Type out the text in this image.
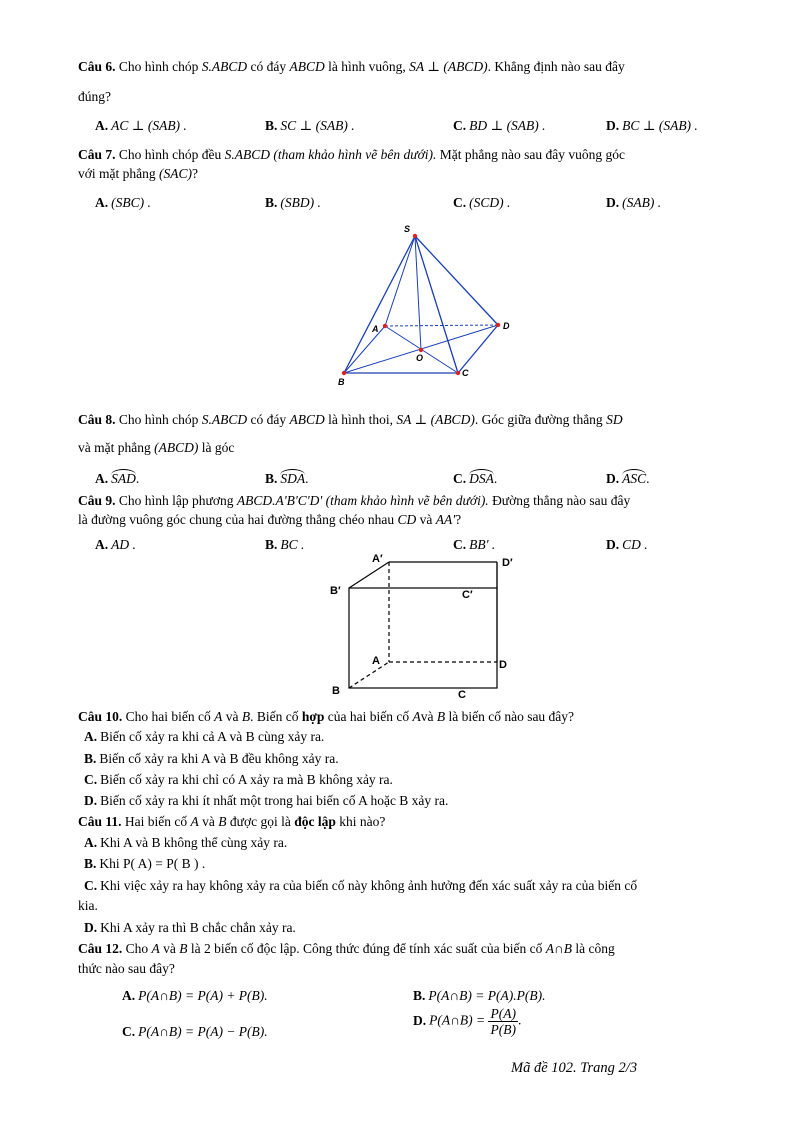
Câu 6. Cho hình chóp S.ABCD có đáy ABCD là hình vuông, SA ⊥ (ABCD). Khẳng định nào sau đây
đúng?
A. AC ⊥ (SAB) .	B. SC ⊥ (SAB) .	C. BD ⊥ (SAB) .	D. BC ⊥ (SAB) .
Câu 7. Cho hình chóp đều S.ABCD (tham khảo hình vẽ bên dưới). Mặt phẳng nào sau đây vuông góc
với mặt phẳng (SAC)?
A. (SBC) .	B. (SBD) .	C. (SCD) .	D. (SAB) .
S
A
B
C
D
O
Câu 8. Cho hình chóp S.ABCD có đáy ABCD là hình thoi, SA ⊥ (ABCD). Góc giữa đường thẳng SD
và mặt phẳng (ABCD) là góc
A. SAD.	B. SDA.	C. DSA.	D. ASC.
Câu 9. Cho hình lập phương ABCD.A'B'C'D' (tham khảo hình vẽ bên dưới). Đường thẳng nào sau đây
là đường vuông góc chung của hai đường thẳng chéo nhau CD và AA'?
A. AD .	B. BC .	C. BB' .	D. CD .
A′	D′
B′	C′
A	D
B	C
Câu 10. Cho hai biến cố A và B. Biến cố hợp của hai biến cố Avà B là biến cố nào sau đây?
A. Biến cố xảy ra khi cả A và B cùng xảy ra.
B. Biến cố xảy ra khi A và B đều không xảy ra.
C. Biến cố xảy ra khi chỉ có A xảy ra mà B không xảy ra.
D. Biến cố xảy ra khi ít nhất một trong hai biến cố A hoặc B xảy ra.
Câu 11. Hai biến cố A và B được gọi là độc lập khi nào?
A. Khi A và B không thể cùng xảy ra.
B. Khi P( A) = P( B ) .
C. Khi việc xảy ra hay không xảy ra của biến cố này không ảnh hưởng đến xác suất xảy ra của biến cố
kia.
D. Khi A xảy ra thì B chắc chắn xảy ra.
Câu 12. Cho A và B là 2 biến cố độc lập. Công thức đúng để tính xác suất của biến cố A∩B là công
thức nào sau đây?
A. P(A∩B) = P(A) + P(B).	B. P(A∩B) = P(A).P(B).
C. P(A∩B) = P(A) − P(B).
D. P(A∩B) = $\frac{P(A)}{P(B)}$ .
Mã đề 102. Trang 2/3
